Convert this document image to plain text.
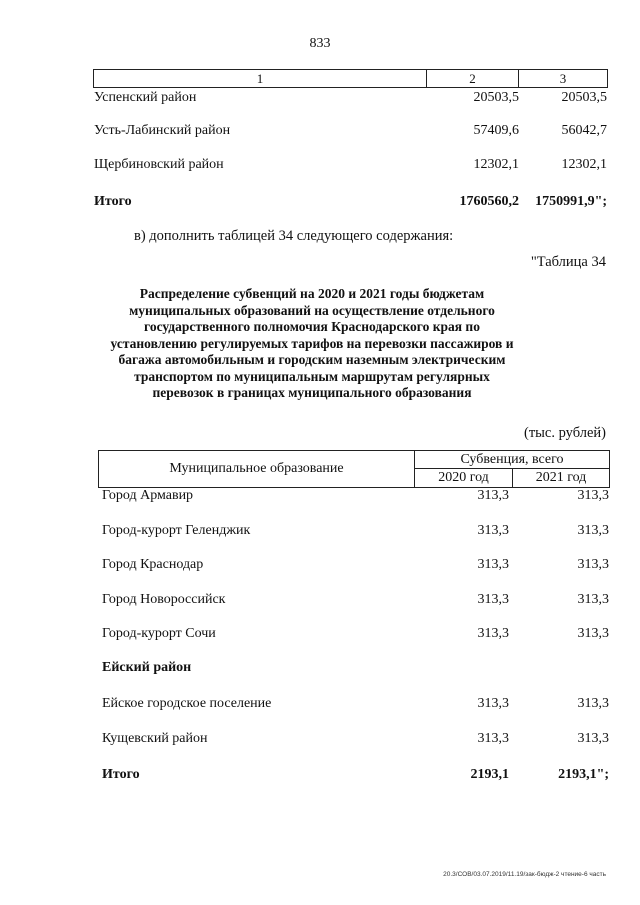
833
1	2	3
Успенский район	20503,5	20503,5
Усть-Лабинский район	57409,6	56042,7
Щербиновский район	12302,1	12302,1
Итого	1760560,2	1750991,9";
в) дополнить таблицей 34 следующего содержания:
"Таблица 34
Распределение субвенций на 2020 и 2021 годы бюджетам муниципальных образований на осуществление отдельного государственного полномочия Краснодарского края по установлению регулируемых тарифов на перевозки пассажиров и багажа автомобильным и городским наземным электрическим транспортом по муниципальным маршрутам регулярных перевозок в границах муниципального образования
(тыс. рублей)
Муниципальное образование
Субвенция, всего
2020 год	2021 год
Город Армавир	313,3	313,3
Город-курорт Геленджик	313,3	313,3
Город Краснодар	313,3	313,3
Город Новороссийск	313,3	313,3
Город-курорт Сочи	313,3	313,3
Ейский район
Ейское городское поселение	313,3	313,3
Кущевский район	313,3	313,3
Итого	2193,1	2193,1";
20.3/СОВ/03.07.2019/11.19/зак-бюдж-2 чтение-6 часть
